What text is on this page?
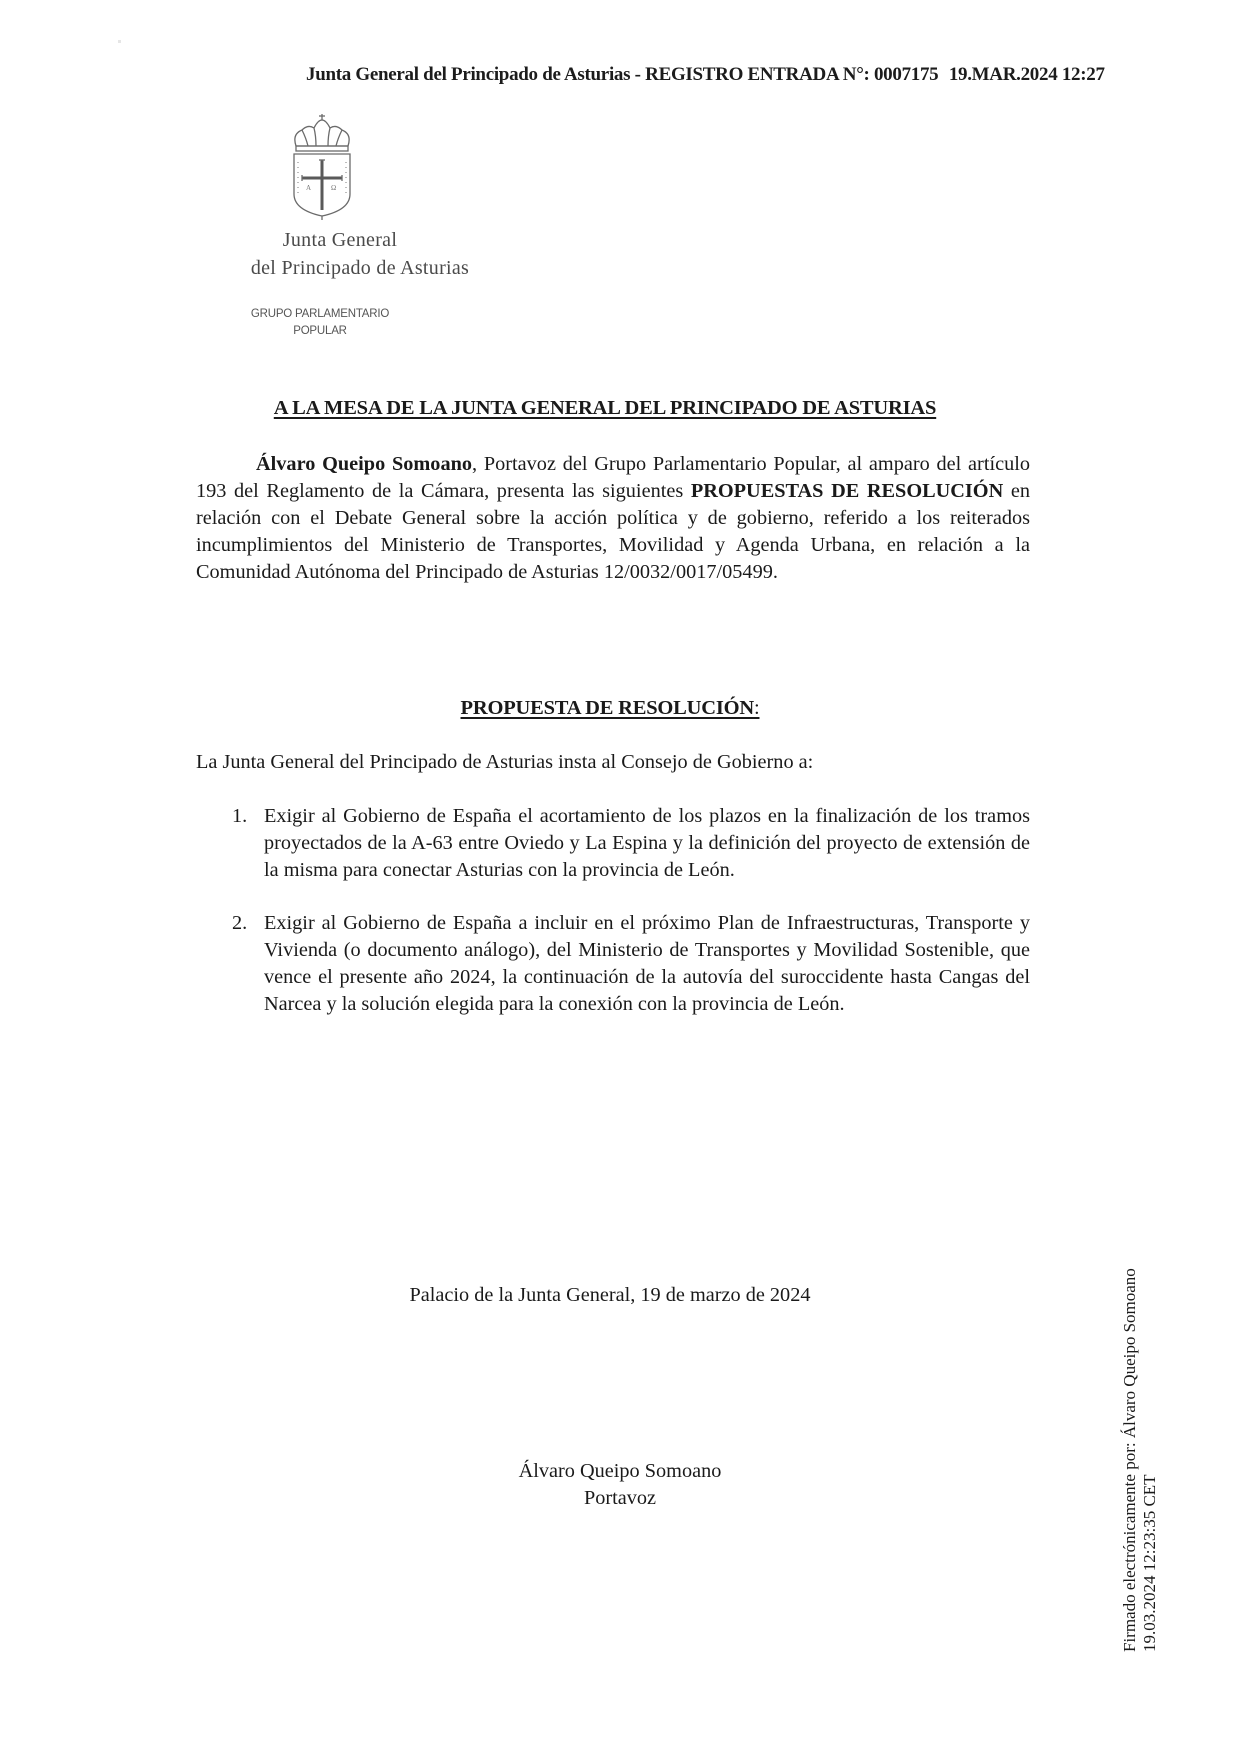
Junta General del Principado de Asturias - REGISTRO ENTRADA N°: 0007175 19.MAR.2024 12:27
A	Ω
Junta General
del Principado de Asturias
GRUPO PARLAMENTARIO
POPULAR
A LA MESA DE LA JUNTA GENERAL DEL PRINCIPADO DE ASTURIAS
Álvaro Queipo Somoano, Portavoz del Grupo Parlamentario Popular, al amparo del artículo 193 del Reglamento de la Cámara, presenta las siguientes PROPUESTAS DE RESOLUCIÓN en relación con el Debate General sobre la acción política y de gobierno, referido a los reiterados incumplimientos del Ministerio de Transportes, Movilidad y Agenda Urbana, en relación a la Comunidad Autónoma del Principado de Asturias 12/0032/0017/05499.
PROPUESTA DE RESOLUCIÓN:
La Junta General del Principado de Asturias insta al Consejo de Gobierno a:
1. Exigir al Gobierno de España el acortamiento de los plazos en la finalización de los tramos proyectados de la A-63 entre Oviedo y La Espina y la definición del proyecto de extensión de la misma para conectar Asturias con la provincia de León.
2. Exigir al Gobierno de España a incluir en el próximo Plan de Infraestructuras, Transporte y Vivienda (o documento análogo), del Ministerio de Transportes y Movilidad Sostenible, que vence el presente año 2024, la continuación de la autovía del suroccidente hasta Cangas del Narcea y la solución elegida para la conexión con la provincia de León.
Palacio de la Junta General, 19 de marzo de 2024
Álvaro Queipo Somoano
Portavoz	Firmado electrónicamente por: Álvaro Queipo Somoano 19.03.2024 12:23:35 CET
